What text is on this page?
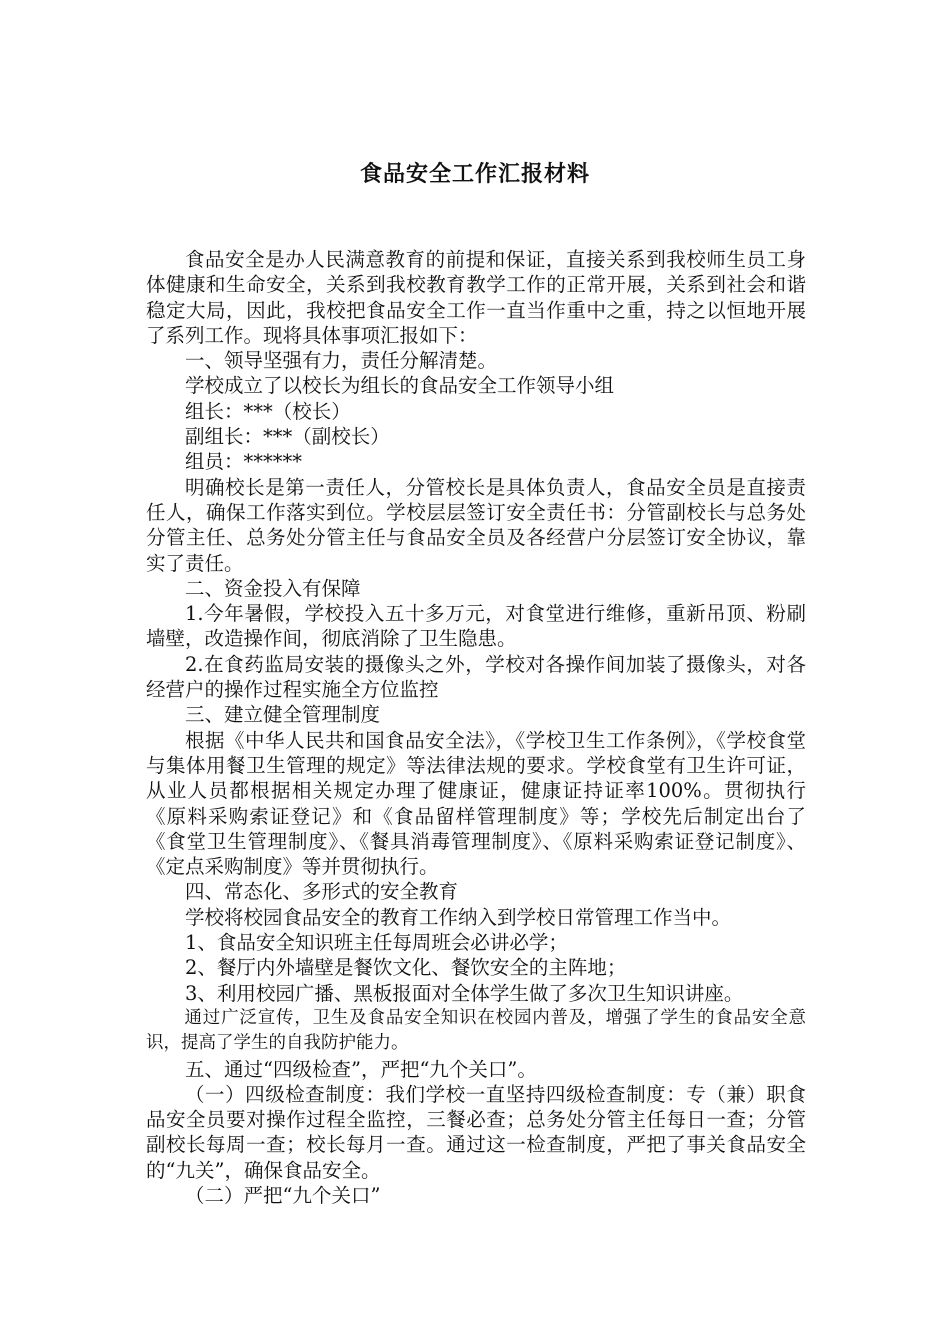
食品安全工作汇报材料

食品安全是办人民满意教育的前提和保证，直接关系到我校师生员工身体健康和生命安全，关系到我校教育教学工作的正常开展，关系到社会和谐稳定大局，因此，我校把食品安全工作一直当作重中之重，持之以恒地开展了系列工作。现将具体事项汇报如下：

一、领导坚强有力，责任分解清楚。

学校成立了以校长为组长的食品安全工作领导小组

组长：***（校长）

副组长：***（副校长）

组员：******

明确校长是第一责任人，分管校长是具体负责人，食品安全员是直接责任人，确保工作落实到位。学校层层签订安全责任书：分管副校长与总务处分管主任、总务处分管主任与食品安全员及各经营户分层签订安全协议，靠实了责任。

二、资金投入有保障

1.今年暑假，学校投入五十多万元，对食堂进行维修，重新吊顶、粉刷墙壁，改造操作间，彻底消除了卫生隐患。

2.在食药监局安装的摄像头之外，学校对各操作间加装了摄像头，对各经营户的操作过程实施全方位监控

三、建立健全管理制度

根据《中华人民共和国食品安全法》，《学校卫生工作条例》，《学校食堂与集体用餐卫生管理的规定》等法律法规的要求。学校食堂有卫生许可证，从业人员都根据相关规定办理了健康证，健康证持证率100%。贯彻执行《原料采购索证登记》和《食品留样管理制度》等；学校先后制定出台了《食堂卫生管理制度》、《餐具消毒管理制度》、《原料采购索证登记制度》、《定点采购制度》等并贯彻执行。

四、常态化、多形式的安全教育

学校将校园食品安全的教育工作纳入到学校日常管理工作当中。

1、食品安全知识班主任每周班会必讲必学；

2、餐厅内外墙壁是餐饮文化、餐饮安全的主阵地；

3、利用校园广播、黑板报面对全体学生做了多次卫生知识讲座。

通过广泛宣传，卫生及食品安全知识在校园内普及，增强了学生的食品安全意识，提高了学生的自我防护能力。

五、通过“四级检查”，严把“九个关口”。

（一）四级检查制度：我们学校一直坚持四级检查制度：专（兼）职食品安全员要对操作过程全监控，三餐必查；总务处分管主任每日一查；分管副校长每周一查；校长每月一查。通过这一检查制度，严把了事关食品安全的“九关”，确保食品安全。

（二）严把“九个关口”
